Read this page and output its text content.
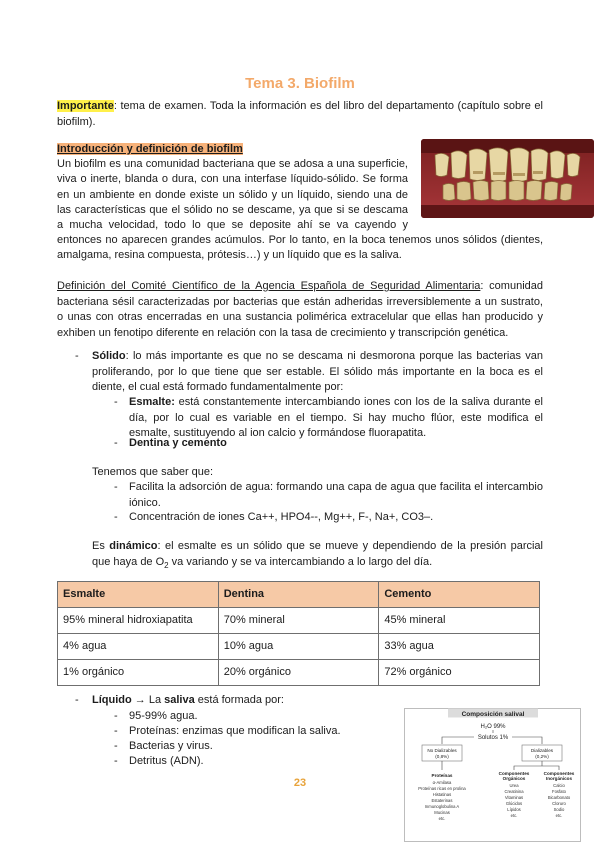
Tema 3. Biofilm

Importante: tema de examen. Toda la información es del libro del departamento (capítulo sobre el biofilm).

Introducción y definición de biofilm
Un biofilm es una comunidad bacteriana que se adosa a una superficie,
viva o inerte, blanda o dura, con una interfase líquido-sólido. Se forma
en un ambiente en donde existe un sólido y un líquido, siendo una de
las características que el sólido no se descame, ya que si se descama
a mucha velocidad, todo lo que se deposite ahí se va cayendo y
entonces no aparecen grandes acúmulos. Por lo tanto, en la boca tenemos unos sólidos (dientes,
amalgama, resina compuesta, prótesis…) y un líquido que es la saliva.

Definición del Comité Científico de la Agencia Española de Seguridad Alimentaria: comunidad bacteriana sésil caracterizadas por bacterias que están adheridas irreversiblemente a un sustrato, o unas con otras encerradas en una sustancia polimérica extracelular que ellas han producido y exhiben un fenotipo diferente en relación con la tasa de crecimiento y transcripción genética.

- Sólido: lo más importante es que no se descama ni desmorona porque las bacterias van proliferando, por lo que tiene que ser estable. El sólido más importante en la boca es el diente, el cual está formado fundamentalmente por:

- Esmalte: está constantemente intercambiando iones con los de la saliva durante el día, por lo cual es variable en el tiempo. Si hay mucho flúor, este modifica el esmalte, sustituyendo al ion calcio y formándose fluorapatita.

- Dentina y cemento
Tenemos que saber que:
- Facilita la adsorción de agua: formando una capa de agua que facilita el intercambio iónico.

- Concentración de iones Ca++, HPO4--, Mg++, F-, Na+, CO3–.

Es dinámico: el esmalte es un sólido que se mueve y dependiendo de la presión parcial que haya de $O_2$ va variando y se va intercambiando a lo largo del día.

Esmalte	Dentina	Cemento
95% mineral hidroxiapatita	70% mineral	45% mineral
4% agua	10% agua	33% agua
1% orgánico	20% orgánico	72% orgánico
- Líquido → La saliva está formada por:
- 95-99% agua.
- Proteínas: enzimas que modifican la saliva.
- Bacterias y virus.
- Detritus (ADN).
Composición salival
H₂O 99%
Solutos 1%
No Dializables
(0,8%)
Dializables
(0,2%)
Proteínas
α-Amilasa
Proteínas ricas en prolina
Histatinas
Estaterinas
Inmunoglobulina A
Mucinas
etc.
Componentes
Orgánicos
Urea
Creatinina
Vitaminas
Glúcidos
Lípidos
etc.
Componentes
Inorgánicos
Calcio
Fosfato
Bicarbonato
Cloruro
Sodio
etc.
23
